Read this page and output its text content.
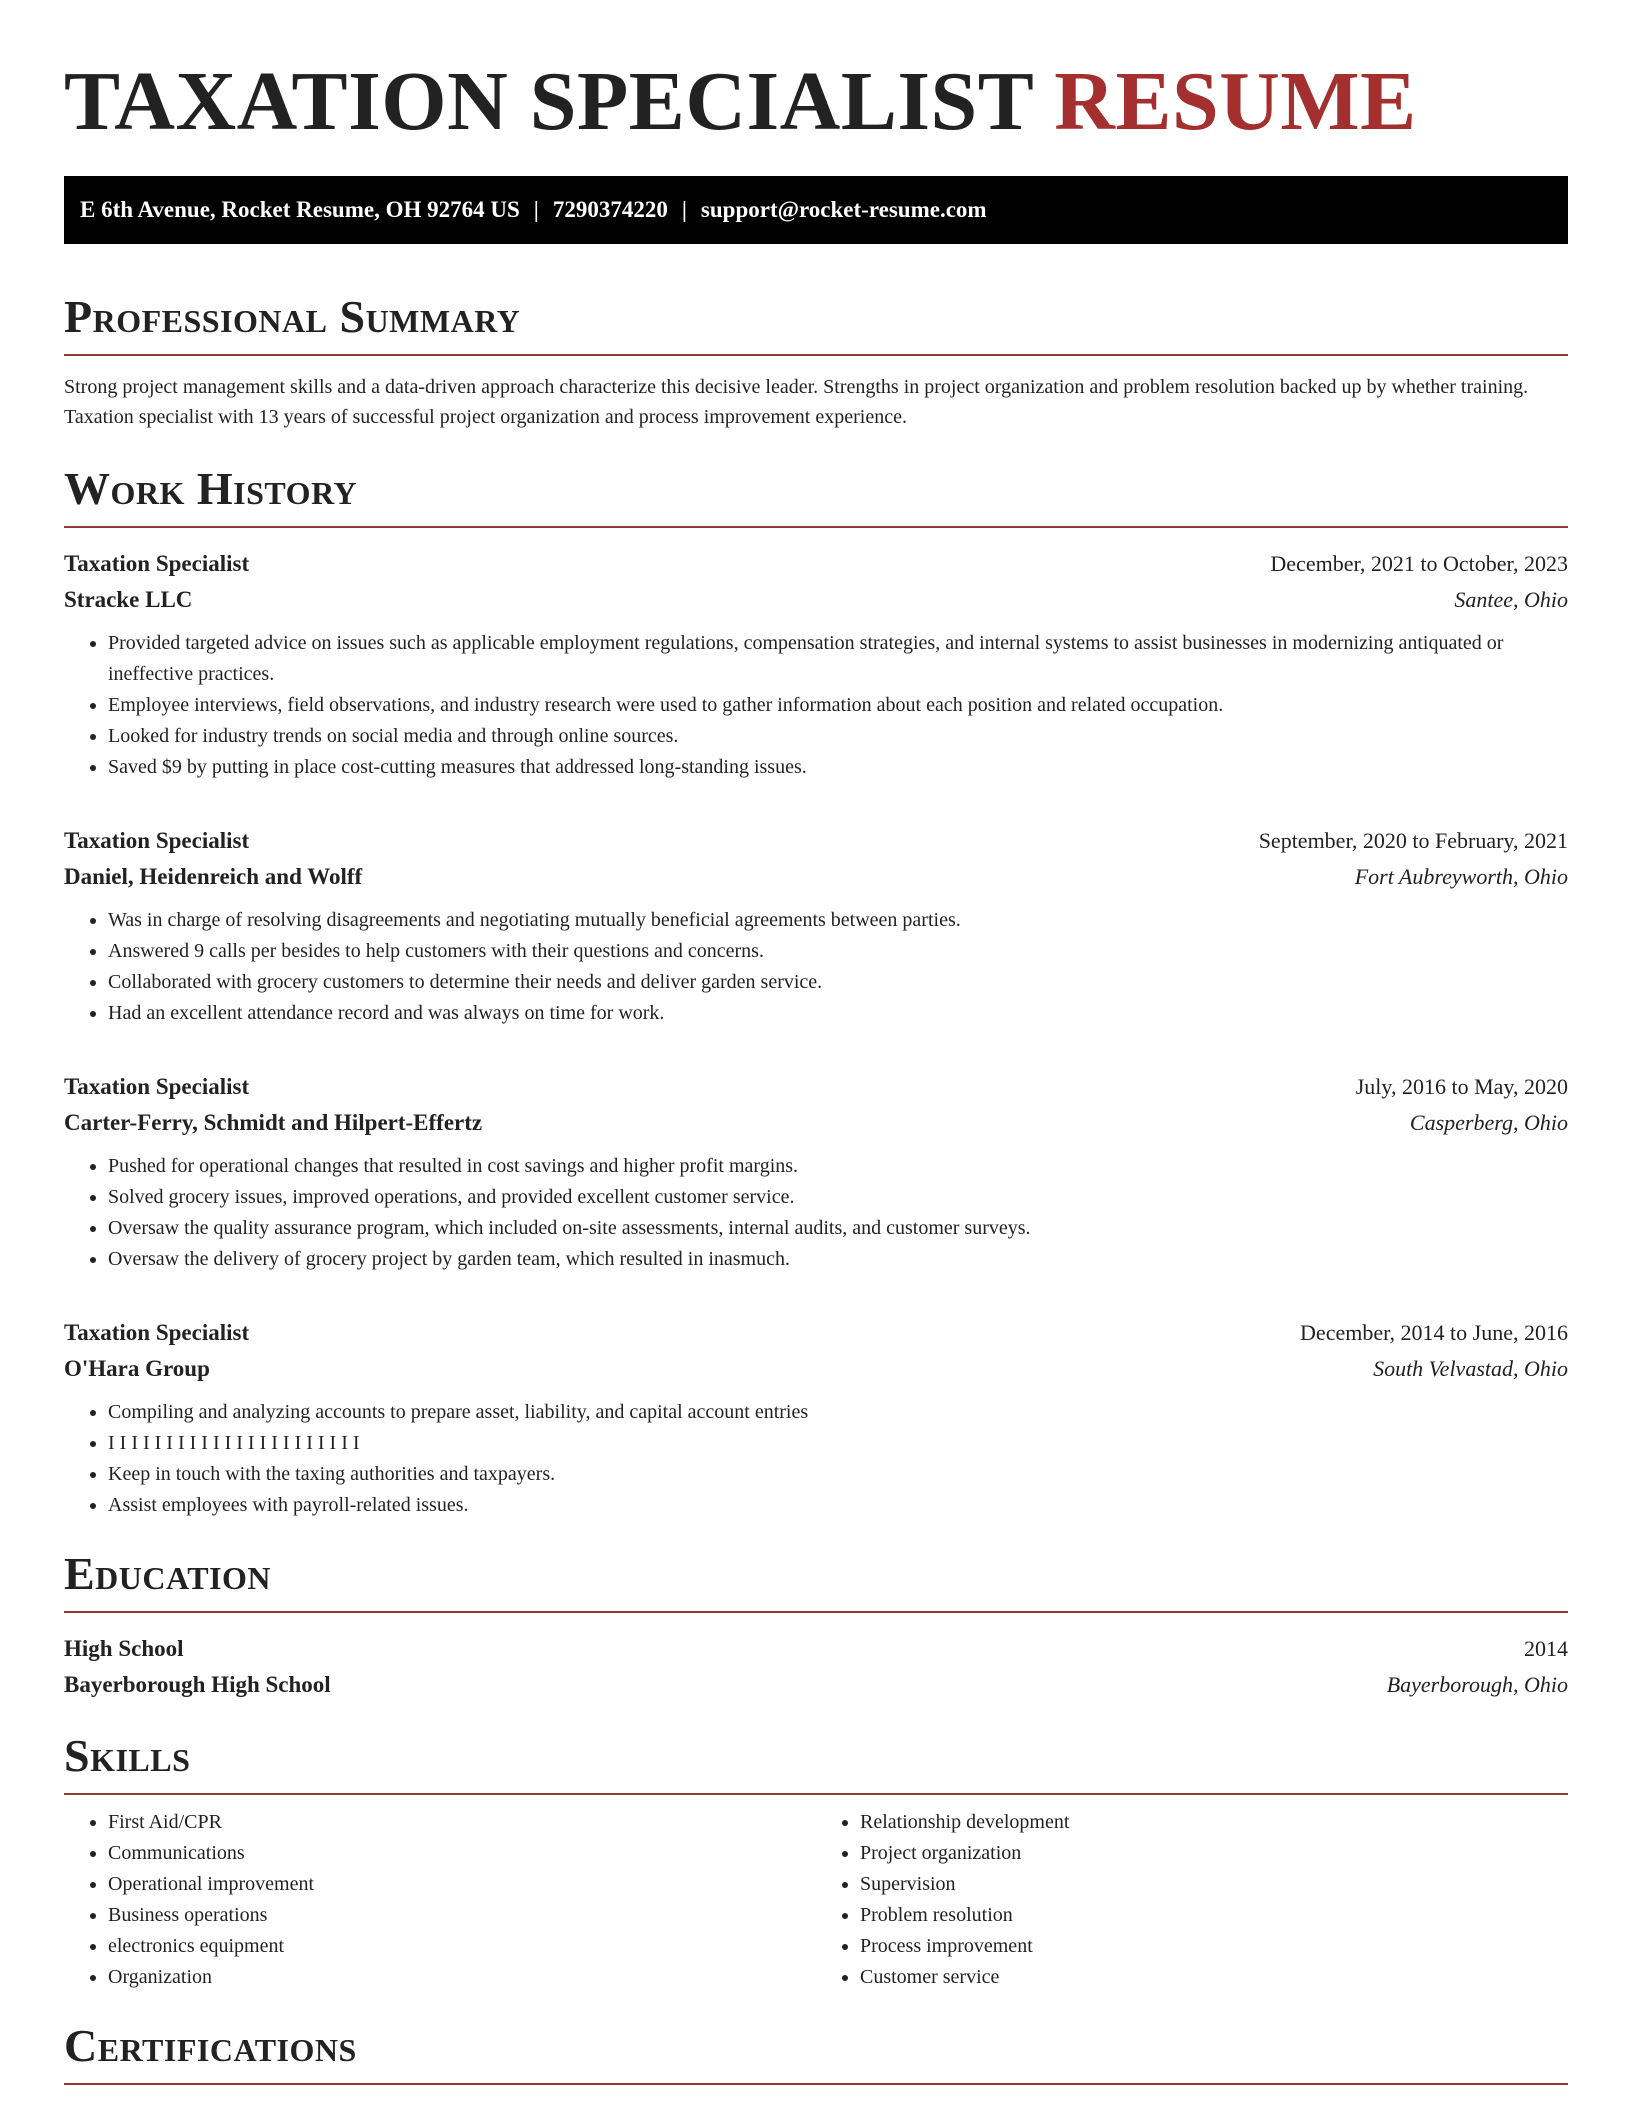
TAXATION SPECIALIST RESUME
E 6th Avenue, Rocket Resume, OH 92764 US | 7290374220 | support@rocket-resume.com
Professional Summary

Strong project management skills and a data-driven approach characterize this decisive leader. Strengths in project organization and problem resolution backed up by whether training. Taxation specialist with 13 years of successful project organization and process improvement experience.

Work History
Taxation Specialist	December, 2021 to October, 2023
Stracke LLC	Santee, Ohio
• Provided targeted advice on issues such as applicable employment regulations, compensation strategies, and internal systems to assist businesses in modernizing antiquated or ineffective practices.
• Employee interviews, field observations, and industry research were used to gather information about each position and related occupation.
• Looked for industry trends on social media and through online sources.
• Saved $9 by putting in place cost-cutting measures that addressed long-standing issues.
Taxation Specialist	September, 2020 to February, 2021
Daniel, Heidenreich and Wolff	Fort Aubreyworth, Ohio
• Was in charge of resolving disagreements and negotiating mutually beneficial agreements between parties.
• Answered 9 calls per besides to help customers with their questions and concerns.
• Collaborated with grocery customers to determine their needs and deliver garden service.
• Had an excellent attendance record and was always on time for work.
Taxation Specialist	July, 2016 to May, 2020
Carter-Ferry, Schmidt and Hilpert-Effertz	Casperberg, Ohio
• Pushed for operational changes that resulted in cost savings and higher profit margins.
• Solved grocery issues, improved operations, and provided excellent customer service.
• Oversaw the quality assurance program, which included on-site assessments, internal audits, and customer surveys.
• Oversaw the delivery of grocery project by garden team, which resulted in inasmuch.
Taxation Specialist	December, 2014 to June, 2016
O'Hara Group	South Velvastad, Ohio
• Compiling and analyzing accounts to prepare asset, liability, and capital account entries
• I I I I I I I I I I I I I I I I I I I I I I
• Keep in touch with the taxing authorities and taxpayers.
• Assist employees with payroll-related issues.
Education
High School	2014
Bayerborough High School	Bayerborough, Ohio
Skills
• First Aid/CPR
• Communications
• Operational improvement
• Business operations
• electronics equipment
• Organization
• Relationship development
• Project organization
• Supervision
• Problem resolution
• Process improvement
• Customer service
Certifications
